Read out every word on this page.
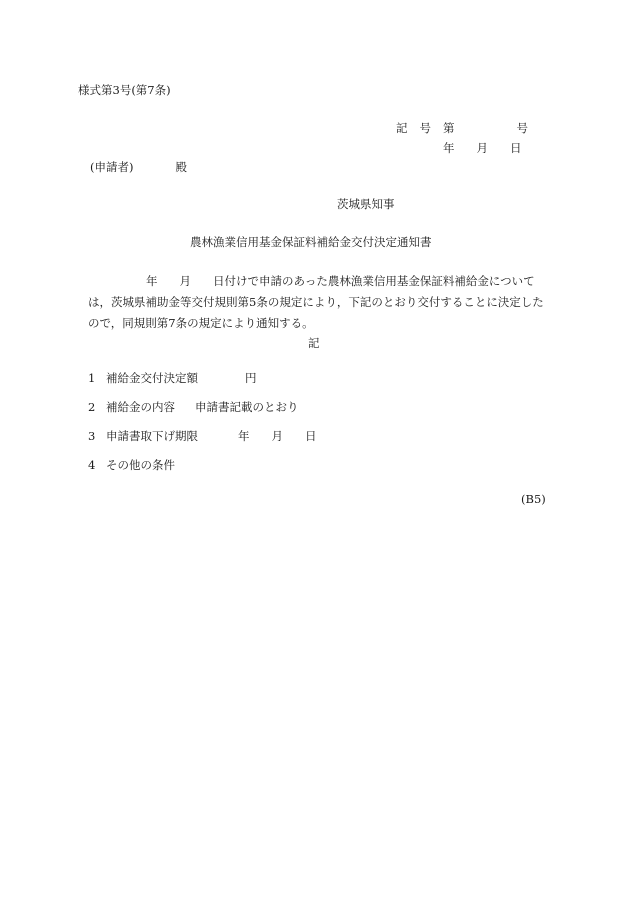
様式第3号(第7条)
記 号 第	号
年 月 日
(申請者)	殿
茨城県知事
農林漁業信用基金保証料補給金交付決定通知書
年 月 日付けで申請のあった農林漁業信用基金保証料補給金について
は，茨城県補助金等交付規則第5条の規定により，下記のとおり交付することに決定した
ので，同規則第7条の規定により通知する。
記
1 補給金交付決定額	円
2 補給金の内容 申請書記載のとおり
3 申請書取下げ期限	年 月 日
4 その他の条件
(B5)
